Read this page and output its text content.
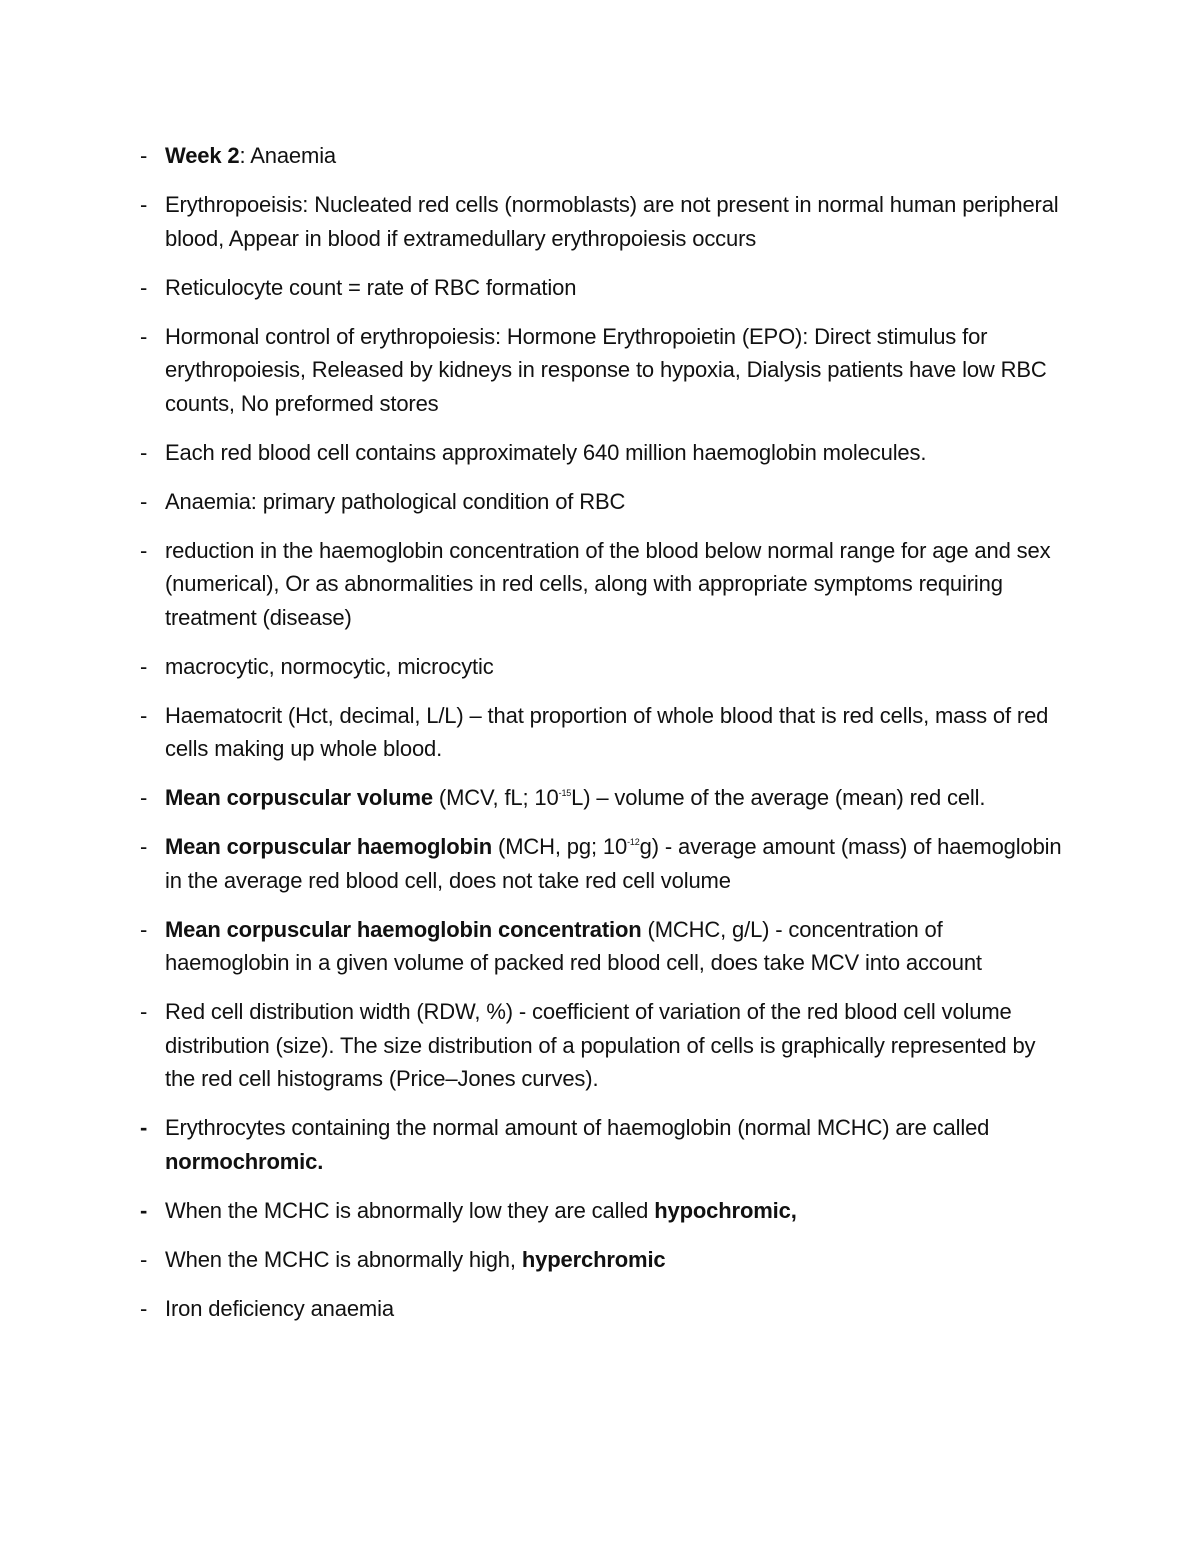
- Week 2: Anaemia
- Erythropoeisis: Nucleated red cells (normoblasts) are not present in normal human peripheral blood, Appear in blood if extramedullary erythropoiesis occurs
- Reticulocyte count = rate of RBC formation
- Hormonal control of erythropoiesis: Hormone Erythropoietin (EPO): Direct stimulus for erythropoiesis, Released by kidneys in response to hypoxia, Dialysis patients have low RBC counts, No preformed stores
- Each red blood cell contains approximately 640 million haemoglobin molecules.
- Anaemia: primary pathological condition of RBC
- reduction in the haemoglobin concentration of the blood below normal range for age and sex (numerical), Or as abnormalities in red cells, along with appropriate symptoms requiring treatment (disease)
- macrocytic, normocytic, microcytic
- Haematocrit (Hct, decimal, L/L) – that proportion of whole blood that is red cells, mass of red cells making up whole blood.
- Mean corpuscular volume (MCV, fL; $10^{-15}L$) – volume of the average (mean) red cell.
- Mean corpuscular haemoglobin (MCH, pg; $10^{-12}g$) - average amount (mass) of haemoglobin in the average red blood cell, does not take red cell volume
- Mean corpuscular haemoglobin concentration (MCHC, g/L) - concentration of haemoglobin in a given volume of packed red blood cell, does take MCV into account
- Red cell distribution width (RDW, %) - coefficient of variation of the red blood cell volume distribution (size). The size distribution of a population of cells is graphically represented by the red cell histograms (Price–Jones curves).
- Erythrocytes containing the normal amount of haemoglobin (normal MCHC) are called normochromic.
- When the MCHC is abnormally low they are called hypochromic,
- When the MCHC is abnormally high, hyperchromic
- Iron deficiency anaemia
